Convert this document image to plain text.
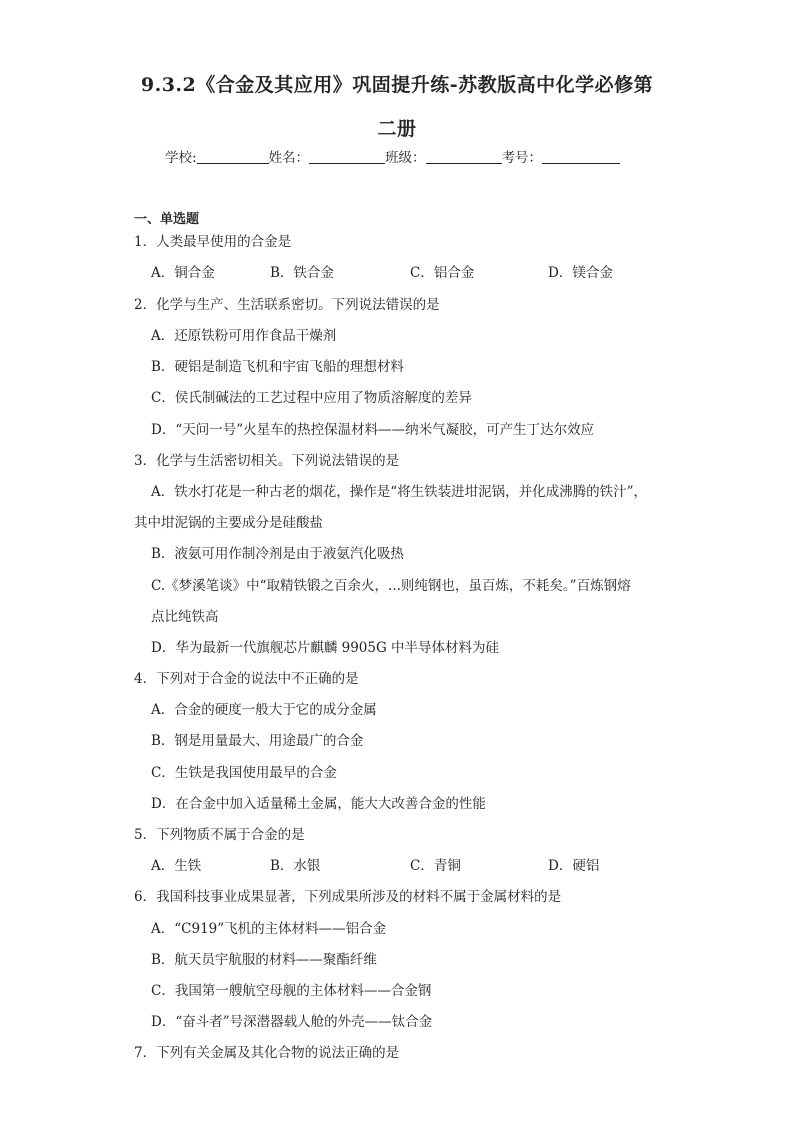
9.3.2《合金及其应用》巩固提升练-苏教版高中化学必修第
二册
学校:	姓名：	班级：	考号：
一、单选题
1．人类最早使用的合金是
A．铜合金	B．铁合金	C．铝合金	D．镁合金
2．化学与生产、生活联系密切。下列说法错误的是
A．还原铁粉可用作食品干燥剂
B．硬铝是制造飞机和宇宙飞船的理想材料
C．侯氏制碱法的工艺过程中应用了物质溶解度的差异
D．“天问一号”火星车的热控保温材料——纳米气凝胶，可产生丁达尔效应
3．化学与生活密切相关。下列说法错误的是
A．铁水打花是一种古老的烟花，操作是“将生铁装进坩泥锅，并化成沸腾的铁汁”，
其中坩泥锅的主要成分是硅酸盐
B．液氨可用作制冷剂是由于液氨汽化吸热
C.《梦溪笔谈》中“取精铁锻之百余火，...则纯钢也，虽百炼，不耗矣。”百炼钢熔
点比纯铁高
D．华为最新一代旗舰芯片麒麟 9905G 中半导体材料为硅
4．下列对于合金的说法中不正确的是
A．合金的硬度一般大于它的成分金属
B．钢是用量最大、用途最广的合金
C．生铁是我国使用最早的合金
D．在合金中加入适量稀土金属，能大大改善合金的性能
5．下列物质不属于合金的是
A．生铁	B．水银	C．青铜	D．硬铝
6．我国科技事业成果显著，下列成果所涉及的材料不属于金属材料的是
A．“C919”飞机的主体材料——铝合金
B．航天员宇航服的材料——聚酯纤维
C．我国第一艘航空母舰的主体材料——合金钢
D．“奋斗者”号深潜器载人舱的外壳——钛合金
7．下列有关金属及其化合物的说法正确的是
